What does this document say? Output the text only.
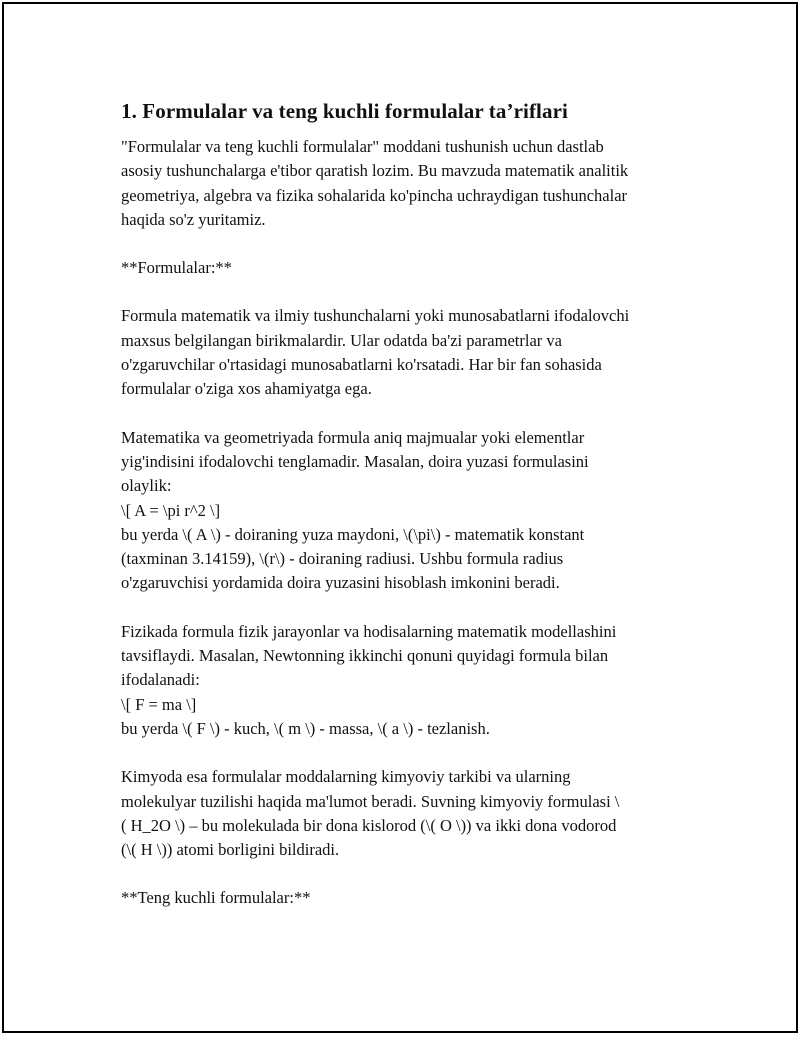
1. Formulalar va teng kuchli formulalar ta’riflari

"Formulalar va teng kuchli formulalar" moddani tushunish uchun dastlab
asosiy tushunchalarga e'tibor qaratish lozim. Bu mavzuda matematik analitik
geometriya, algebra va fizika sohalarida ko'pincha uchraydigan tushunchalar
haqida so'z yuritamiz.

**Formulalar:**

Formula matematik va ilmiy tushunchalarni yoki munosabatlarni ifodalovchi
maxsus belgilangan birikmalardir. Ular odatda ba'zi parametrlar va
o'zgaruvchilar o'rtasidagi munosabatlarni ko'rsatadi. Har bir fan sohasida
formulalar o'ziga xos ahamiyatga ega.

Matematika va geometriyada formula aniq majmualar yoki elementlar
yig'indisini ifodalovchi tenglamadir. Masalan, doira yuzasi formulasini
olaylik:
\[ A = \pi r^2 \]
bu yerda \( A \) - doiraning yuza maydoni, \(\pi\) - matematik konstant
(taxminan 3.14159), \(r\) - doiraning radiusi. Ushbu formula radius
o'zgaruvchisi yordamida doira yuzasini hisoblash imkonini beradi.

Fizikada formula fizik jarayonlar va hodisalarning matematik modellashini
tavsiflaydi. Masalan, Newtonning ikkinchi qonuni quyidagi formula bilan
ifodalanadi:
\[ F = ma \]
bu yerda \( F \) - kuch, \( m \) - massa, \( a \) - tezlanish.

Kimyoda esa formulalar moddalarning kimyoviy tarkibi va ularning
molekulyar tuzilishi haqida ma'lumot beradi. Suvning kimyoviy formulasi \
( H_2O \) – bu molekulada bir dona kislorod (\( O \)) va ikki dona vodorod
(\( H \)) atomi borligini bildiradi.

**Teng kuchli formulalar:**
